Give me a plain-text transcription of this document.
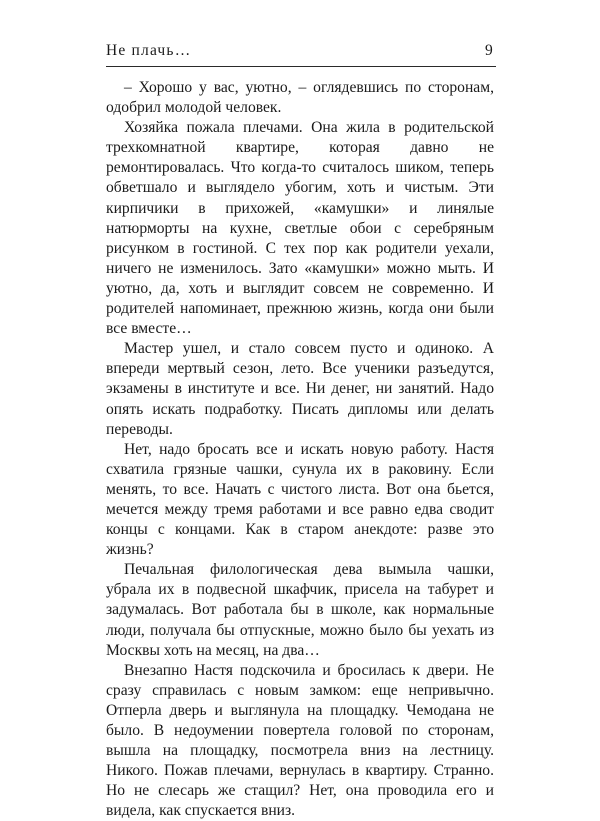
Не плачь…	9

– Хорошо у вас, уютно, – оглядевшись по сторонам, одобрил молодой человек.

Хозяйка пожала плечами. Она жила в родительской трехкомнатной квартире, которая давно не ремонтировалась. Что когда-то считалось шиком, теперь обветшало и выглядело убогим, хоть и чистым. Эти кирпичики в прихожей, «камушки» и линялые натюрморты на кухне, светлые обои с серебряным рисунком в гостиной. С тех пор как родители уехали, ничего не изменилось. Зато «камушки» можно мыть. И уютно, да, хоть и выглядит совсем не современно. И родителей напоминает, прежнюю жизнь, когда они были все вместе…

Мастер ушел, и стало совсем пусто и одиноко. А впереди мертвый сезон, лето. Все ученики разъедутся, экзамены в институте и все. Ни денег, ни занятий. Надо опять искать подработку. Писать дипломы или делать переводы.

Нет, надо бросать все и искать новую работу. Настя схватила грязные чашки, сунула их в раковину. Если менять, то все. Начать с чистого листа. Вот она бьется, мечется между тремя работами и все равно едва сводит концы с концами. Как в старом анекдоте: разве это жизнь?

Печальная филологическая дева вымыла чашки, убрала их в подвесной шкафчик, присела на табурет и задумалась. Вот работала бы в школе, как нормальные люди, получала бы отпускные, можно было бы уехать из Москвы хоть на месяц, на два…

Внезапно Настя подскочила и бросилась к двери. Не сразу справилась с новым замком: еще непривычно. Отперла дверь и выглянула на площадку. Чемодана не было. В недоумении повертела головой по сторонам, вышла на площадку, посмотрела вниз на лестницу. Никого. Пожав плечами, вернулась в квартиру. Странно. Но не слесарь же стащил? Нет, она проводила его и видела, как спускается вниз.
